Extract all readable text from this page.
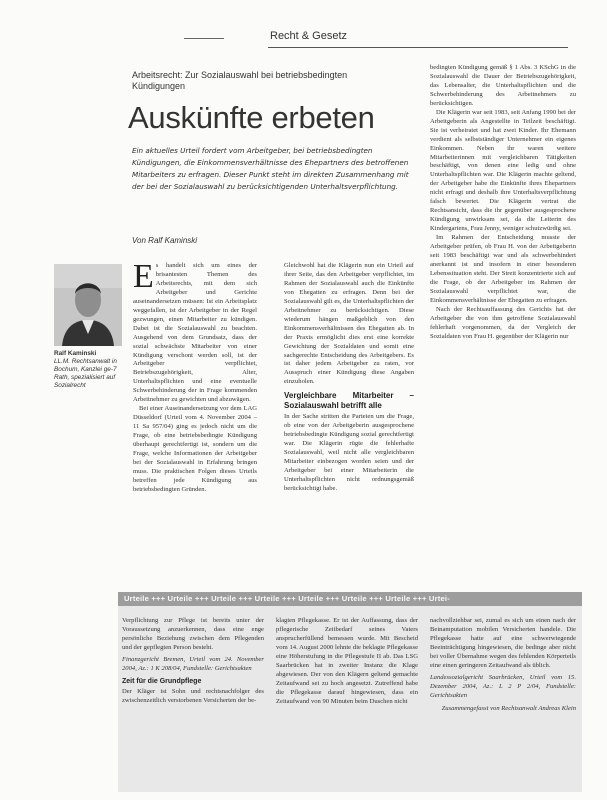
Recht & Gesetz
Arbeitsrecht: Zur Sozialauswahl bei betriebsbedingten Kündigungen
Auskünfte erbeten
Ein aktuelles Urteil fordert vom Arbeitgeber, bei betriebsbedingten Kündigungen, die Einkommensverhältnisse des Ehepartners des betroffenen Mitarbeiters zu erfragen. Dieser Punkt steht im direkten Zusammenhang mit der bei der Sozialauswahl zu berücksichtigenden Unterhaltsverpflichtung.
Von Ralf Kaminski
Ralf Kaminski
LL.M. Rechtsanwalt in Bochum, Kanzlei ge-7 Rath, spezialisiert auf Sozialrecht
E s handelt sich um eines der brisantesten Themen des Arbeitsrechts, mit dem sich Arbeitgeber und Gerichte auseinandersetzen müssen: Ist ein Arbeitsplatz weggefallen, ist der Arbeitgeber in der Regel gezwungen, einen Mitarbeiter zu kündigen. Dabei ist die Sozialauswahl zu beachten. Ausgehend von dem Grundsatz, dass der sozial schwächste Mitarbeiter von einer Kündigung verschont werden soll, ist der Arbeitgeber verpflichtet, Betriebszugehörigkeit, Alter, Unterhaltspflichten und eine eventuelle Schwerbehinderung der in Frage kommenden Arbeitnehmer zu gewichten und abzuwägen.

Bei einer Auseinandersetzung vor dem LAG Düsseldorf (Urteil vom 4. November 2004 – 11 Sa 957/04) ging es jedoch nicht um die Frage, ob eine betriebsbedingte Kündigung überhaupt gerechtfertigt ist, sondern um die Frage, welche Informationen der Arbeitgeber bei der Sozialauswahl in Erfahrung bringen muss. Die praktischen Folgen dieses Urteils betreffen jede Kündigung aus betriebsbedingten Gründen.

Gleichwohl hat die Klägerin nun ein Urteil auf ihrer Seite, das den Arbeitgeber verpflichtet, im Rahmen der Sozialauswahl auch die Einkünfte von Ehegatten zu erfragen. Denn bei der Sozialauswahl gilt es, die Unterhaltspflichten der Arbeitnehmer zu berücksichtigen. Diese wiederum hängen maßgeblich von den Einkommensverhältnissen des Ehegatten ab. In der Praxis ermöglicht dies erst eine korrekte Gewichtung der Sozialdaten und somit eine sachgerechte Entscheidung des Arbeitgebers. Es ist daher jedem Arbeitgeber zu raten, vor Ausspruch einer Kündigung diese Angaben einzuholen.

Vergleichbare Mitarbeiter – Sozialauswahl betrifft alle

In der Sache stritten die Parteien um die Frage, ob eine von der Arbeitgeberin ausgesprochene betriebsbedingte Kündigung sozial gerechtfertigt war. Die Klägerin rügte die fehlerhafte Sozialauswahl, weil nicht alle vergleichbaren Mitarbeiter einbezogen worden seien und der Arbeitgeber bei einer Mitarbeiterin die Unterhaltspflichten nicht ordnungsgemäß berücksichtigt habe.

bedingten Kündigung gemäß § 1 Abs. 3 KSchG in die Sozialauswahl die Dauer der Betriebszugehörigkeit, das Lebensalter, die Unterhaltspflichten und die Schwerbehinderung des Arbeitnehmers zu berücksichtigen.

Die Klägerin war seit 1983, seit Anfang 1990 bei der Arbeitgeberin als Angestellte in Teilzeit beschäftigt. Sie ist verheiratet und hat zwei Kinder. Ihr Ehemann verdient als selbstständiger Unternehmer ein eigenes Einkommen. Neben ihr waren weitere Mitarbeiterinnen mit vergleichbaren Tätigkeiten beschäftigt, von denen eine ledig und ohne Unterhaltspflichten war. Die Klägerin machte geltend, der Arbeitgeber habe die Einkünfte ihres Ehepartners nicht erfragt und deshalb ihre Unterhaltsverpflichtung falsch bewertet. Die Klägerin vertrat die Rechtsansicht, dass die ihr gegenüber ausgesprochene Kündigung unwirksam sei, da die Leiterin des Kindergartens, Frau Jenny, weniger schutzwürdig sei.

Im Rahmen der Entscheidung musste der Arbeitgeber prüfen, ob Frau H. von der Arbeitgeberin seit 1983 beschäftigt war und als schwerbehindert anerkannt ist und insofern in einer besonderen Lebenssituation steht. Der Streit konzentrierte sich auf die Frage, ob der Arbeitgeber im Rahmen der Sozialauswahl verpflichtet war, die Einkommensverhältnisse der Ehegatten zu erfragen.

Nach der Rechtsauffassung des Gerichts hat der Arbeitgeber die von ihm getroffene Sozialauswahl fehlerhaft vorgenommen, da der Vergleich der Sozialdaten von Frau H. gegenüber der Klägerin nur

Urteile +++ Urteile +++ Urteile +++ Urteile +++ Urteile +++ Urteile +++ Urteile +++ Urtei-

Verpflichtung zur Pflege ist bereits unter der Voraussetzung anzuerkennen, dass eine enge persönliche Beziehung zwischen dem Pflegenden und der gepflegten Person besteht.

Finanzgericht Bremen, Urteil vom 24. November 2004, Az.: 1 K 208/04, Fundstelle: Gerichtsakten

Zeit für die Grundpflege

Der Kläger ist Sohn und rechtsnachfolger des zwischenzeitlich verstorbenen Versicherten der be-

klagten Pflegekasse. Er ist der Auffassung, dass der pflegerische Zeitbedarf seines Vaters ansprucherfüllend bemessen wurde. Mit Bescheid vom 14. August 2000 lehnte die beklagte Pflegekasse eine Höherstufung in die Pflegestufe II ab. Das LSG Saarbrücken hat in zweiter Instanz die Klage abgewiesen. Der von den Klägern geltend gemachte Zeitaufwand sei zu hoch angesetzt. Zutreffend habe die Pflegekasse darauf hingewiesen, dass ein Zeitaufwand von 90 Minuten beim Duschen nicht

nachvollziehbar sei, zumal es sich um einen nach der Beinamputation mobilen Versicherten handele. Die Pflegekasse hatte auf eine schwerwiegende Beeinträchtigung hingewiesen, die bedinge aber nicht bei voller Übernahme wegen des fehlenden Körperteils eine einen geringeren Zeitaufwand als üblich.

Landessozialgericht Saarbrücken, Urteil vom 15. Dezember 2004, Az.: L 2 P 2/04, Fundstelle: Gerichtsakten

Zusammengefasst von Rechtsanwalt Andreas Klein
